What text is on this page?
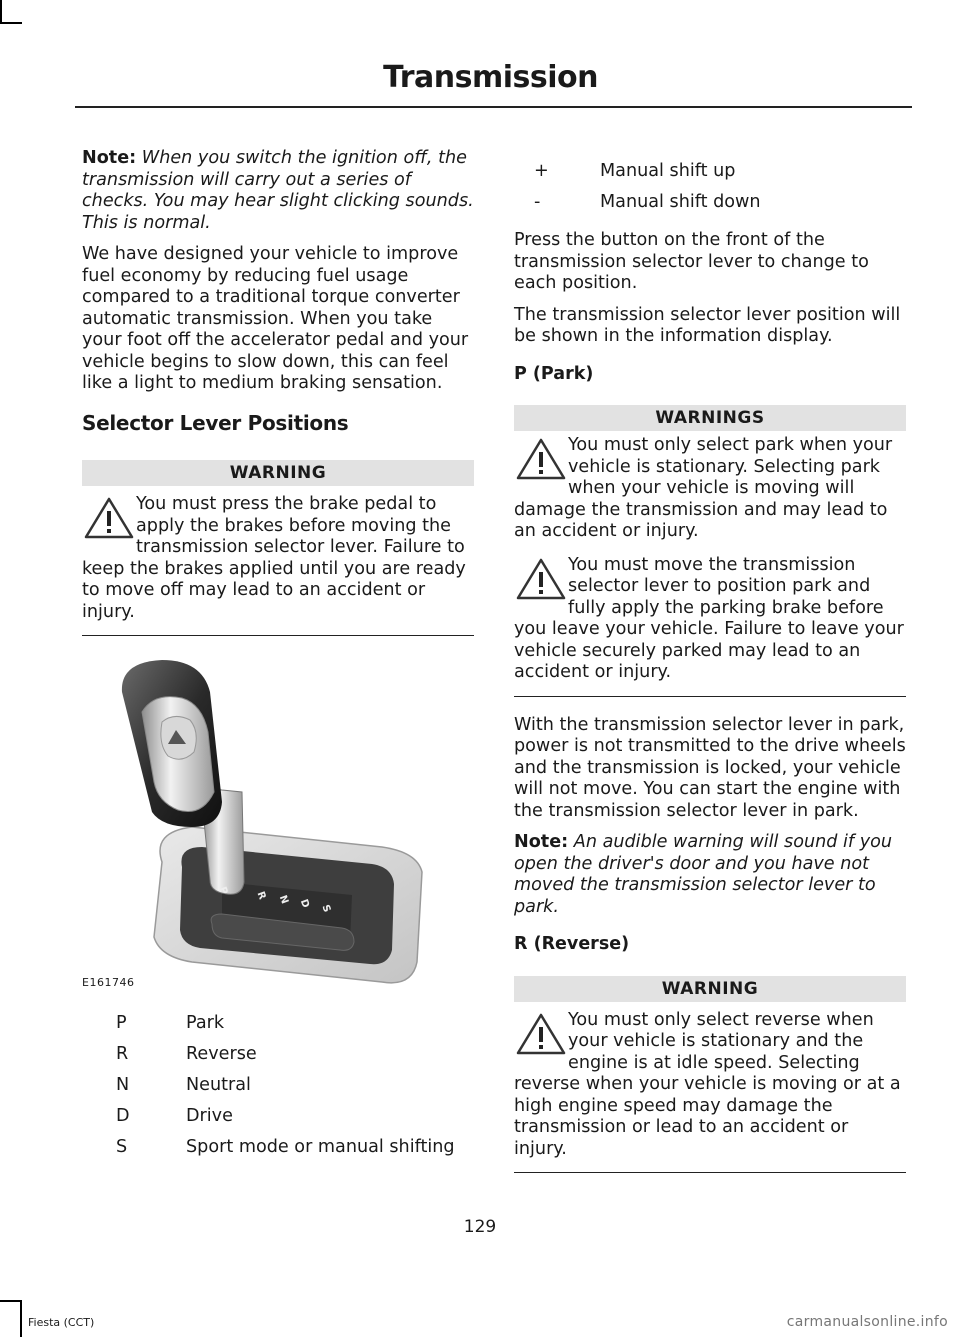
Transmission

Note: When you switch the ignition off, the transmission will carry out a series of checks. You may hear slight clicking sounds. This is normal.

We have designed your vehicle to improve fuel economy by reducing fuel usage compared to a traditional torque converter automatic transmission. When you take your foot off the accelerator pedal and your vehicle begins to slow down, this can feel like a light to medium braking sensation.

Selector Lever Positions
WARNING
You must press the brake pedal to apply the brakes before moving the transmission selector lever. Failure to keep the brakes applied until you are ready to move off may lead to an accident or injury.
P	R N D S
E161746
P	Park
R	Reverse
N	Neutral
D	Drive
S	Sport mode or manual shifting
+	Manual shift up
-	Manual shift down

Press the button on the front of the transmission selector lever to change to each position.

The transmission selector lever position will be shown in the information display.

P (Park)
WARNINGS
You must only select park when your vehicle is stationary. Selecting park when your vehicle is moving will damage the transmission and may lead to an accident or injury.
You must move the transmission selector lever to position park and fully apply the parking brake before you leave your vehicle. Failure to leave your vehicle securely parked may lead to an accident or injury.

With the transmission selector lever in park, power is not transmitted to the drive wheels and the transmission is locked, your vehicle will not move. You can start the engine with the transmission selector lever in park.

Note: An audible warning will sound if you open the driver's door and you have not moved the transmission selector lever to park.

R (Reverse)
WARNING
You must only select reverse when your vehicle is stationary and the engine is at idle speed. Selecting reverse when your vehicle is moving or at a high engine speed may damage the transmission or lead to an accident or injury.
129
Fiesta (CCT)	carmanualsonline.info
